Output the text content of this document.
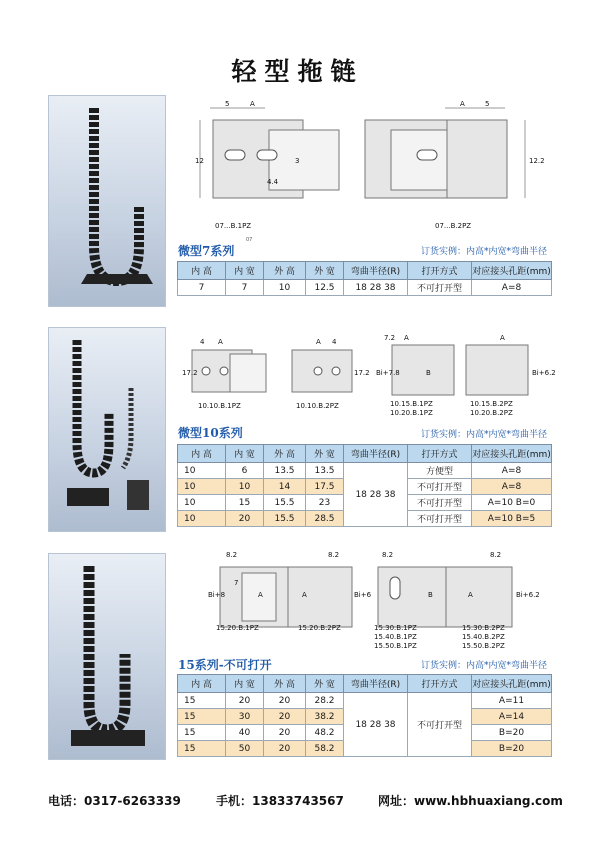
轻型拖链
5	A
3
12
4.4
5
A
12.2
07...B.1PZ	07...B.2PZ
07
微型7系列	订货实例：内高*内宽*弯曲半径
内 高	内 宽	外 高	外 宽	弯曲半径(R)	打开方式	对应接头孔距(mm)
7	7	10	12.5	18 28 38	不可打开型	A=8
4 A
17.2
4
A
17.2
7.2 A
Bi+7.8	B
A
Bi+6.2
10.10.B.1PZ	10.10.B.2PZ	10.15.B.1PZ
10.20.B.1PZ
10.15.B.2PZ
10.20.B.2PZ
微型10系列	订货实例：内高*内宽*弯曲半径
内 高	内 宽	外 高	外 宽	弯曲半径(R)	打开方式	对应接头孔距(mm)
10	6	13.5	13.5	18 28 38	方便型	A=8
10	10	14	17.5		不可打开型	A=8
10	15	15.5	23		不可打开型	A=10 B=0
10	20	15.5	28.5		不可打开型	A=10 B=5
8.2
7
A
Bi+8	A
8.2
Bi+6
8.2
B	A
8.2
Bi+6.2
15.20.B.1PZ	15.20.B.2PZ	15.30.B.1PZ
15.40.B.1PZ
15.50.B.1PZ
15.30.B.2PZ
15.40.B.2PZ
15.50.B.2PZ
15系列-不可打开	订货实例：内高*内宽*弯曲半径
内 高	内 宽	外 高	外 宽	弯曲半径(R)	打开方式	对应接头孔距(mm)
15	20	20	28.2	18 28 38	不可打开型	A=11
15	30	20	38.2			A=14
15	40	20	48.2			B=20
15	50	20	58.2			B=20
电话：0317-6263339	手机：13833743567	网址：www.hbhuaxiang.com
